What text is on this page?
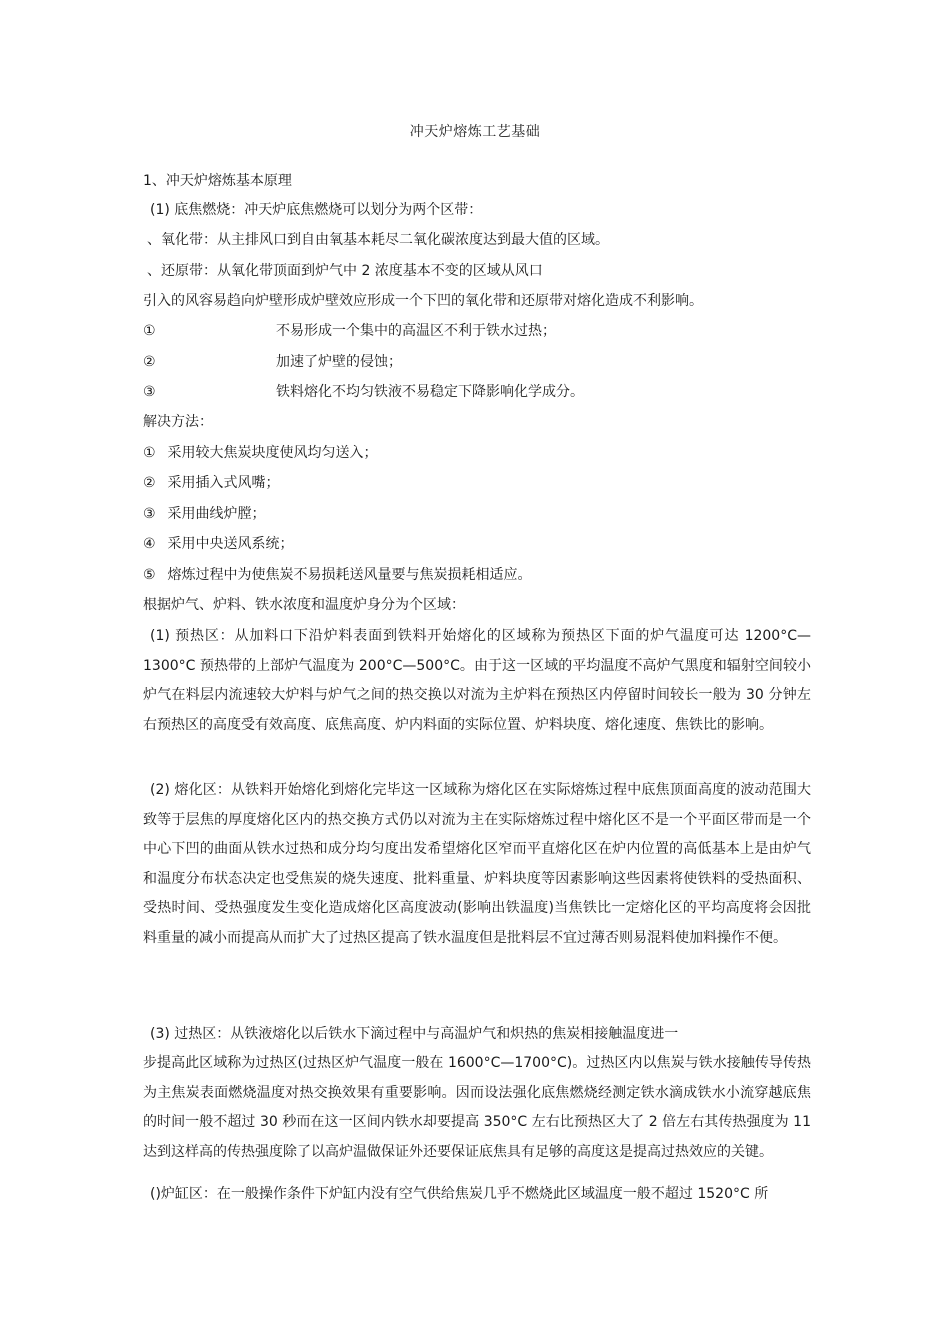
冲天炉熔炼工艺基础
1、冲天炉熔炼基本原理
(1) 底焦燃烧：冲天炉底焦燃烧可以划分为两个区带：
、氧化带：从主排风口到自由氧基本耗尽二氧化碳浓度达到最大值的区域。
、还原带：从氧化带顶面到炉气中 2 浓度基本不变的区域从风口
引入的风容易趋向炉壁形成炉壁效应形成一个下凹的氧化带和还原带对熔化造成不利影响。
①	不易形成一个集中的高温区不利于铁水过热；
②	加速了炉壁的侵蚀；
③	铁料熔化不均匀铁液不易稳定下降影响化学成分。
解决方法：
① 采用较大焦炭块度使风均匀送入；
② 采用插入式风嘴；
③ 采用曲线炉膛；
④ 采用中央送风系统；
⑤ 熔炼过程中为使焦炭不易损耗送风量要与焦炭损耗相适应。
根据炉气、炉料、铁水浓度和温度炉身分为个区域：
(1) 预热区：从加料口下沿炉料表面到铁料开始熔化的区域称为预热区下面的炉气温度可达 1200°C—1300°C 预热带的上部炉气温度为 200°C—500°C。由于这一区域的平均温度不高炉气黑度和辐射空间较小炉气在料层内流速较大炉料与炉气之间的热交换以对流为主炉料在预热区内停留时间较长一般为 30 分钟左右预热区的高度受有效高度、底焦高度、炉内料面的实际位置、炉料块度、熔化速度、焦铁比的影响。
(2) 熔化区：从铁料开始熔化到熔化完毕这一区域称为熔化区在实际熔炼过程中底焦顶面高度的波动范围大致等于层焦的厚度熔化区内的热交换方式仍以对流为主在实际熔炼过程中熔化区不是一个平面区带而是一个中心下凹的曲面从铁水过热和成分均匀度出发希望熔化区窄而平直熔化区在炉内位置的高低基本上是由炉气和温度分布状态决定也受焦炭的烧失速度、批料重量、炉料块度等因素影响这些因素将使铁料的受热面积、受热时间、受热强度发生变化造成熔化区高度波动(影响出铁温度)当焦铁比一定熔化区的平均高度将会因批料重量的减小而提高从而扩大了过热区提高了铁水温度但是批料层不宜过薄否则易混料使加料操作不便。
(3) 过热区：从铁液熔化以后铁水下滴过程中与高温炉气和炽热的焦炭相接触温度进一
步提高此区域称为过热区(过热区炉气温度一般在 1600°C—1700°C)。过热区内以焦炭与铁水接触传导传热为主焦炭表面燃烧温度对热交换效果有重要影响。因而设法强化底焦燃烧经测定铁水滴成铁水小流穿越底焦的时间一般不超过 30 秒而在这一区间内铁水却要提高 350°C 左右比预热区大了 2 倍左右其传热强度为 11 达到这样高的传热强度除了以高炉温做保证外还要保证底焦具有足够的高度这是提高过热效应的关键。
()炉缸区：在一般操作条件下炉缸内没有空气供给焦炭几乎不燃烧此区域温度一般不超过 1520°C 所
